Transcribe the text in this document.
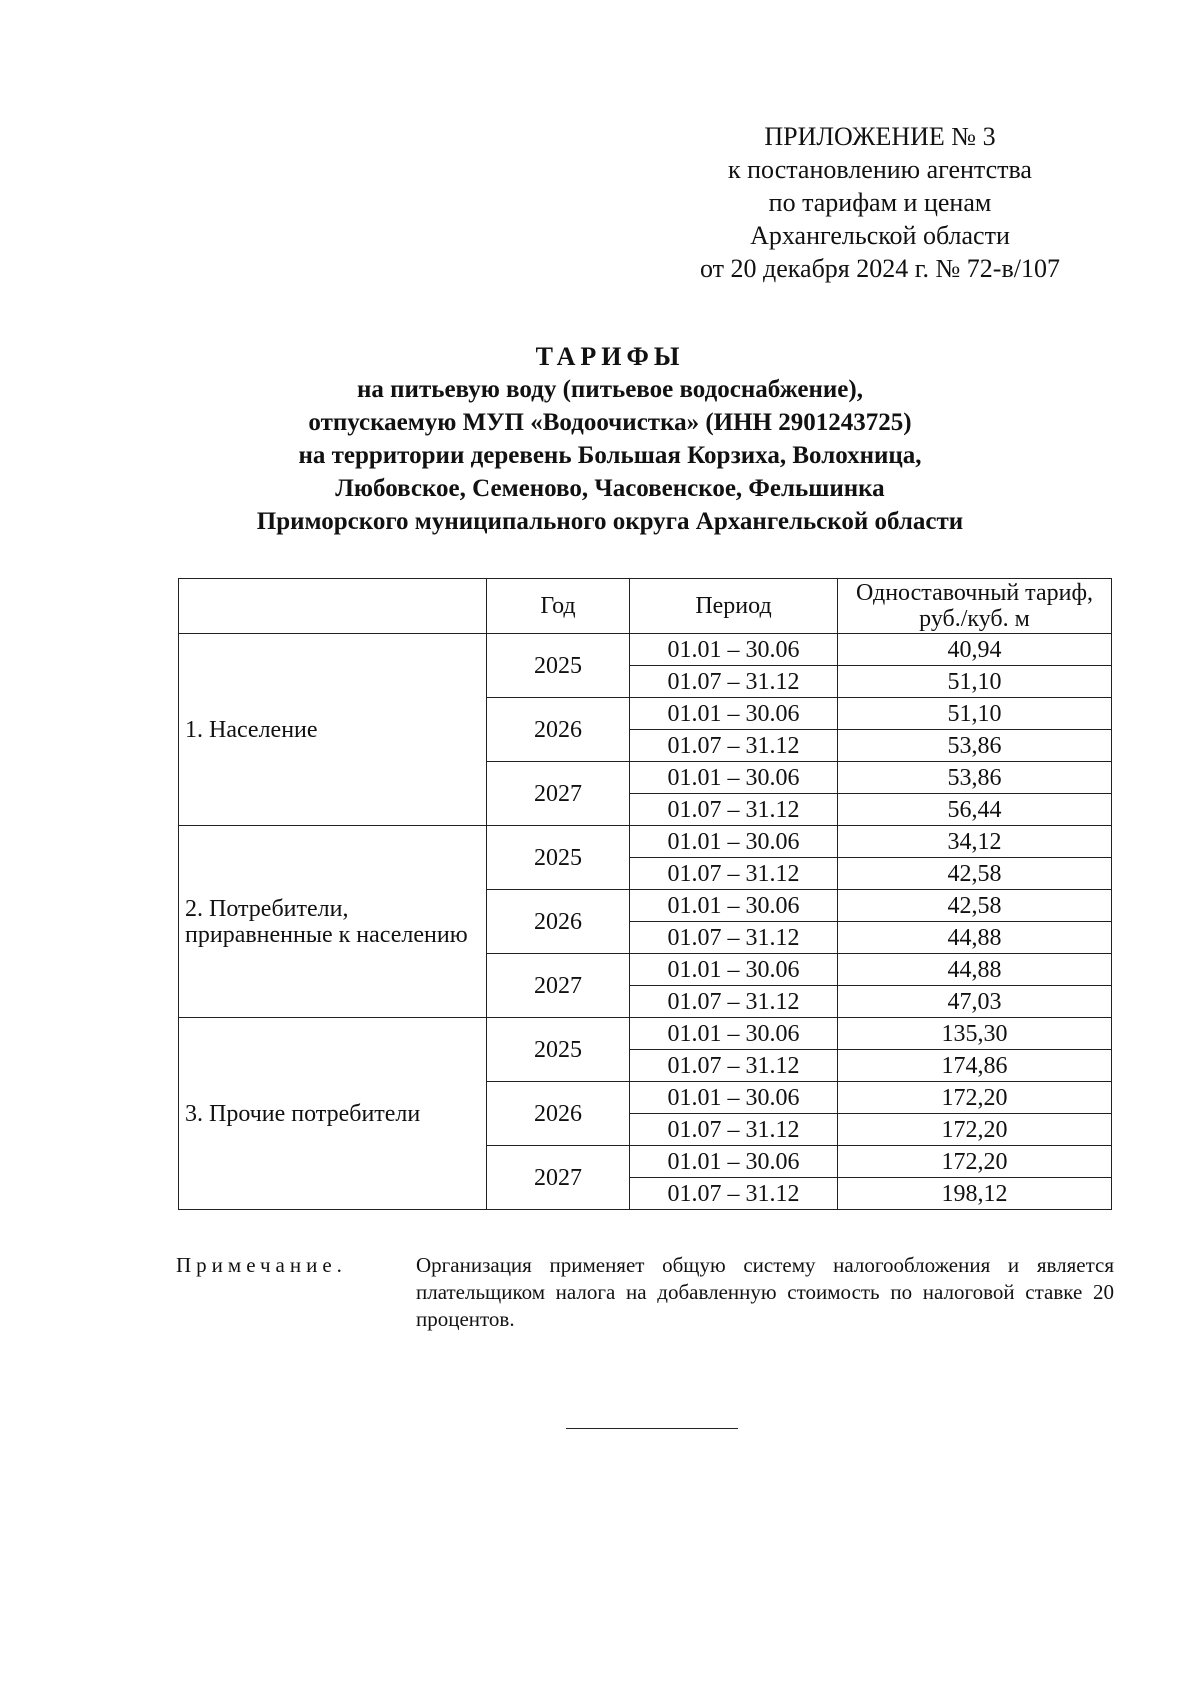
ПРИЛОЖЕНИЕ № 3
к постановлению агентства
по тарифам и ценам
Архангельской области
от 20 декабря 2024 г. № 72-в/107
ТАРИФЫ
на питьевую воду (питьевое водоснабжение),
отпускаемую МУП «Водоочистка» (ИНН 2901243725)
на территории деревень Большая Корзиха, Волохница,
Любовское, Семеново, Часовенское, Фельшинка
Приморского муниципального округа Архангельской области
	Год	Период	Одноставочный тариф,
руб./куб. м
1. Население	2025	01.01 – 30.06	40,94
		01.07 – 31.12	51,10
	2026	01.01 – 30.06	51,10
		01.07 – 31.12	53,86
	2027	01.01 – 30.06	53,86
		01.07 – 31.12	56,44
2. Потребители,
приравненные к населению	2025	01.01 – 30.06	34,12
		01.07 – 31.12	42,58
	2026	01.01 – 30.06	42,58
		01.07 – 31.12	44,88
	2027	01.01 – 30.06	44,88
		01.07 – 31.12	47,03
3. Прочие потребители	2025	01.01 – 30.06	135,30
		01.07 – 31.12	174,86
	2026	01.01 – 30.06	172,20
		01.07 – 31.12	172,20
	2027	01.01 – 30.06	172,20
		01.07 – 31.12	198,12
Примечание.	Организация применяет общую систему налогообложения и является плательщиком налога на добавленную стоимость по налоговой ставке 20 процентов.
